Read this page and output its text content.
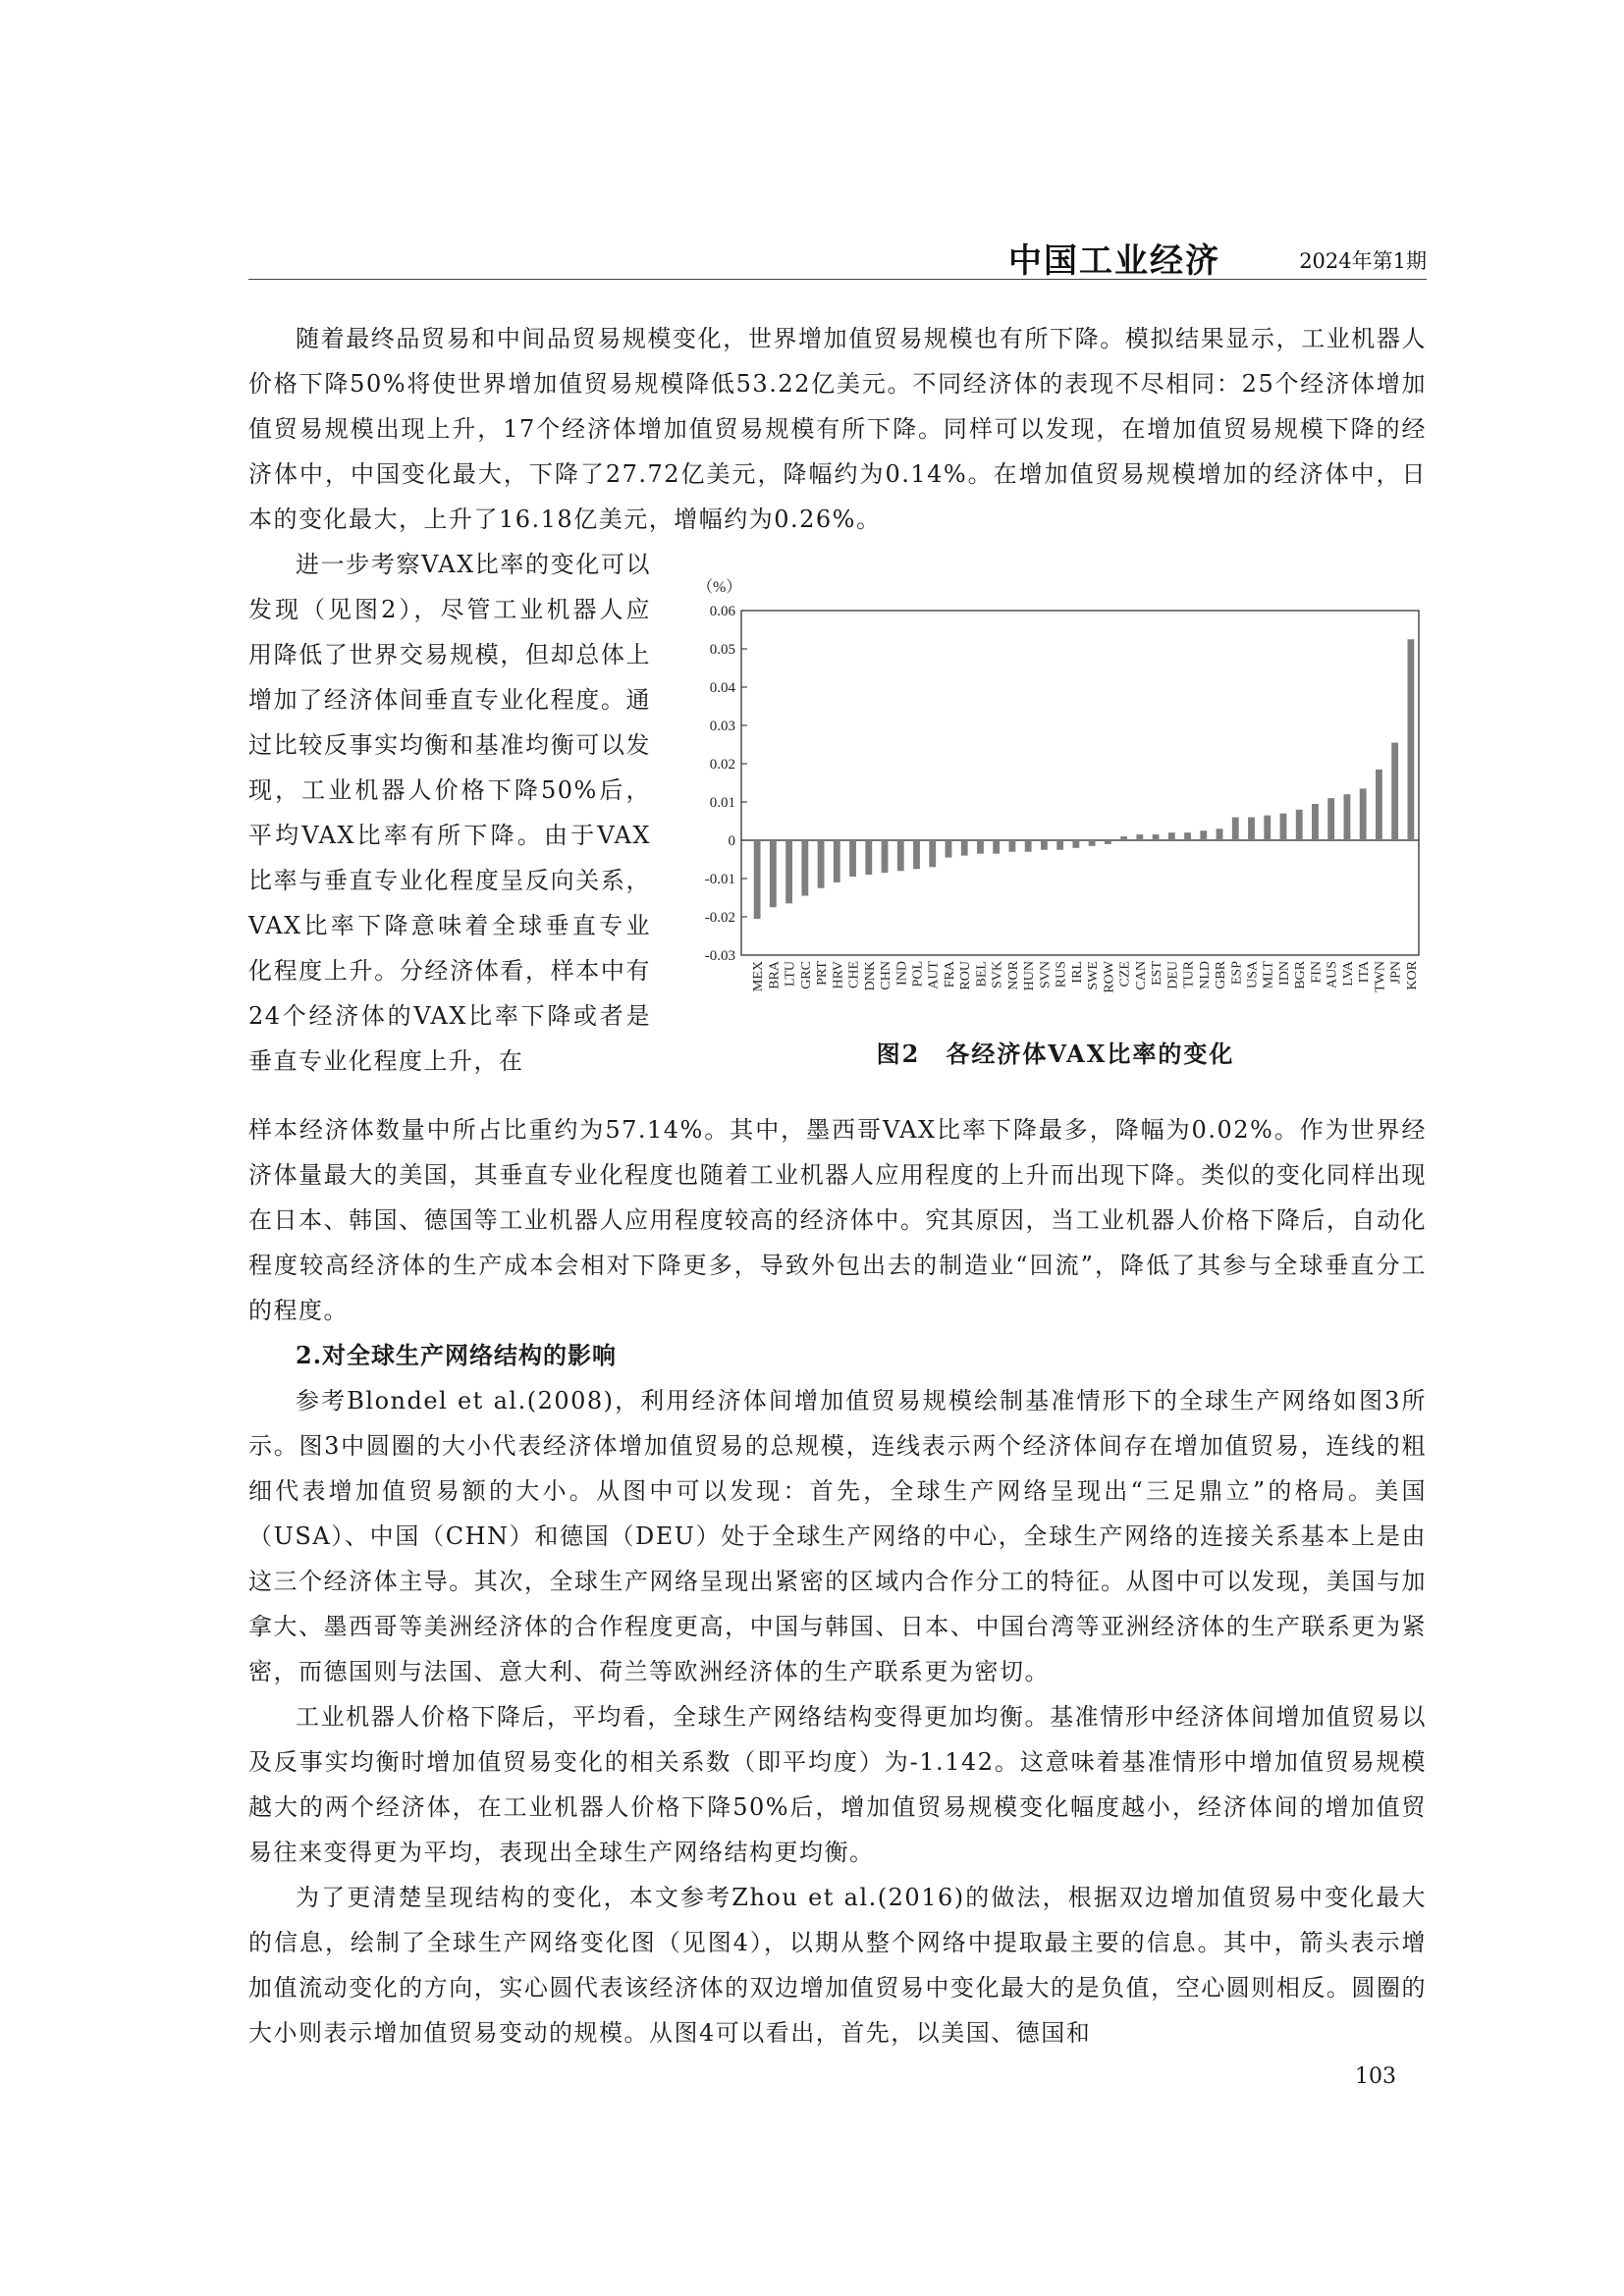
中国工业经济	2024年第1期

随着最终品贸易和中间品贸易规模变化，世界增加值贸易规模也有所下降。模拟结果显示，工业机器人价格下降50%将使世界增加值贸易规模降低53.22亿美元。不同经济体的表现不尽相同：25个经济体增加值贸易规模出现上升，17个经济体增加值贸易规模有所下降。同样可以发现，在增加值贸易规模下降的经济体中，中国变化最大，下降了27.72亿美元，降幅约为0.14%。在增加值贸易规模增加的经济体中，日本的变化最大，上升了16.18亿美元，增幅约为0.26%。

进一步考察VAX比率的变化可以发现（见图2），尽管工业机器人应用降低了世界交易规模，但却总体上增加了经济体间垂直专业化程度。通过比较反事实均衡和基准均衡可以发现，工业机器人价格下降50%后，平均VAX比率有所下降。由于VAX比率与垂直专业化程度呈反向关系，VAX比率下降意味着全球垂直专业化程度上升。分经济体看，样本中有24个经济体的VAX比率下降或者是垂直专业化程度上升，在

（%）
-0.03
-0.02
-0.01
0
0.01
0.02
0.03
0.04
0.05
0.06
MEX BRA LTU GRC PRT HRV CHE DNK CHN IND POL AUT FRA ROU BEL SVK NOR HUN SVN RUS IRL SWE ROW CZE CAN EST DEU TUR NLD GBR ESP USA MLT IDN BGR FIN AUS LVA ITA TWN JPN KOR
图2　各经济体VAX比率的变化

样本经济体数量中所占比重约为57.14%。其中，墨西哥VAX比率下降最多，降幅为0.02%。作为世界经济体量最大的美国，其垂直专业化程度也随着工业机器人应用程度的上升而出现下降。类似的变化同样出现在日本、韩国、德国等工业机器人应用程度较高的经济体中。究其原因，当工业机器人价格下降后，自动化程度较高经济体的生产成本会相对下降更多，导致外包出去的制造业“回流”，降低了其参与全球垂直分工的程度。

2.对全球生产网络结构的影响

参考Blondel et al.(2008)，利用经济体间增加值贸易规模绘制基准情形下的全球生产网络如图3所示。图3中圆圈的大小代表经济体增加值贸易的总规模，连线表示两个经济体间存在增加值贸易，连线的粗细代表增加值贸易额的大小。从图中可以发现：首先，全球生产网络呈现出“三足鼎立”的格局。美国（USA）、中国（CHN）和德国（DEU）处于全球生产网络的中心，全球生产网络的连接关系基本上是由这三个经济体主导。其次，全球生产网络呈现出紧密的区域内合作分工的特征。从图中可以发现，美国与加拿大、墨西哥等美洲经济体的合作程度更高，中国与韩国、日本、中国台湾等亚洲经济体的生产联系更为紧密，而德国则与法国、意大利、荷兰等欧洲经济体的生产联系更为密切。

工业机器人价格下降后，平均看，全球生产网络结构变得更加均衡。基准情形中经济体间增加值贸易以及反事实均衡时增加值贸易变化的相关系数（即平均度）为-1.142。这意味着基准情形中增加值贸易规模越大的两个经济体，在工业机器人价格下降50%后，增加值贸易规模变化幅度越小，经济体间的增加值贸易往来变得更为平均，表现出全球生产网络结构更均衡。

为了更清楚呈现结构的变化，本文参考Zhou et al.(2016)的做法，根据双边增加值贸易中变化最大的信息，绘制了全球生产网络变化图（见图4），以期从整个网络中提取最主要的信息。其中，箭头表示增加值流动变化的方向，实心圆代表该经济体的双边增加值贸易中变化最大的是负值，空心圆则相反。圆圈的大小则表示增加值贸易变动的规模。从图4可以看出，首先，以美国、德国和

103
